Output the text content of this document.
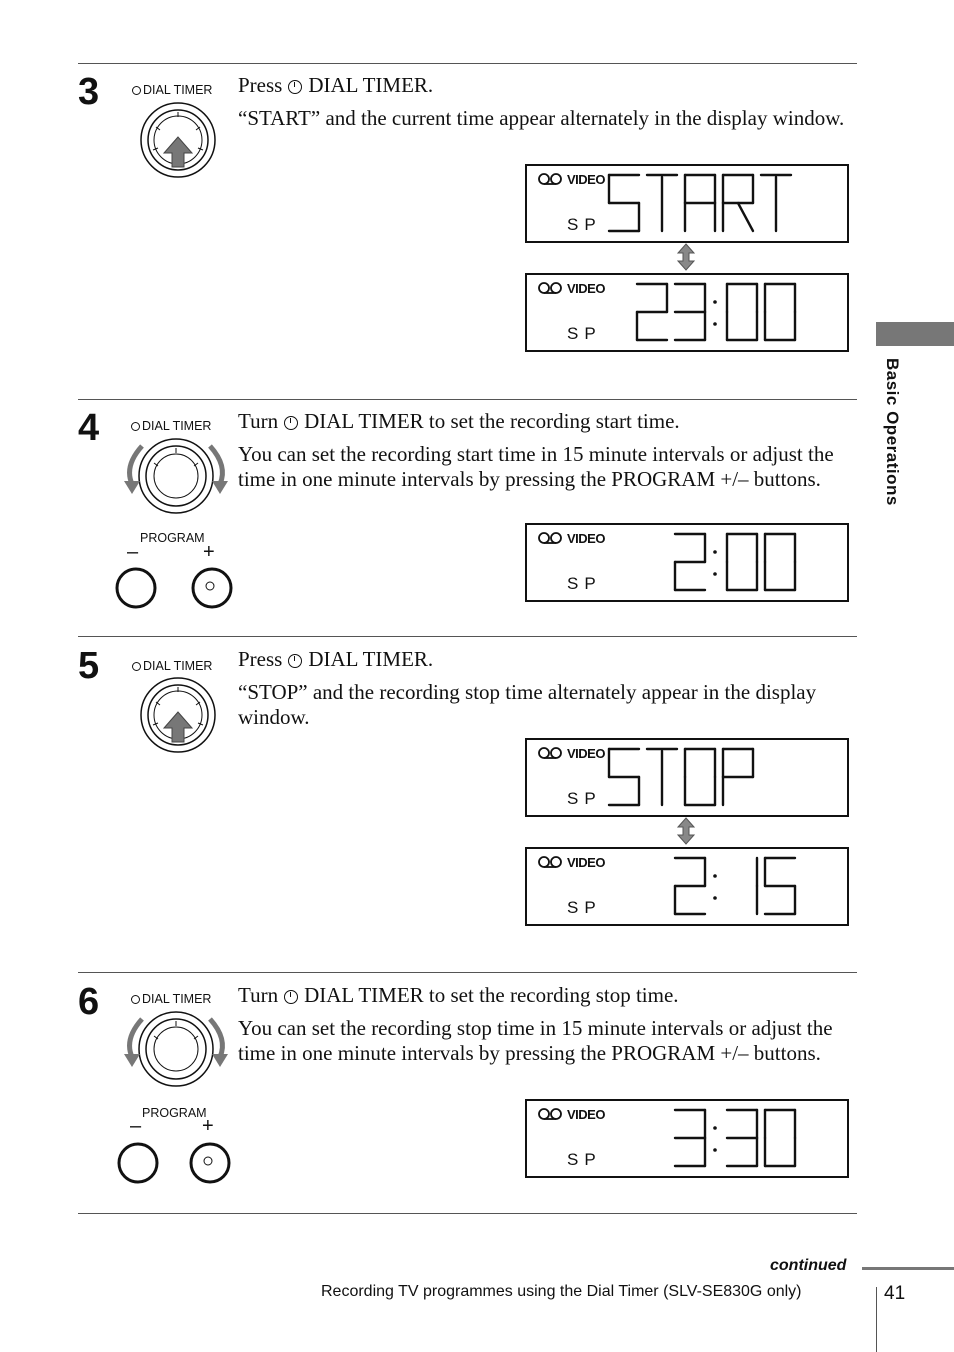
3	DIAL TIMER Press DIAL TIMER.

“START” and the current time appear alternately in the display window.

VIDEO
SP
VIDEO
SP
4	DIAL TIMER
PROGRAM
–	+

Turn DIAL TIMER to set the recording start time.

You can set the recording start time in 15 minute intervals or adjust the time in one minute intervals by pressing the PROGRAM +/– buttons.

VIDEO
SP
5	DIAL TIMER Press DIAL TIMER.

“STOP” and the recording stop time alternately appear in the display window.

VIDEO
SP
VIDEO
SP
6	DIAL TIMER
PROGRAM
–	+

Turn DIAL TIMER to set the recording stop time.

You can set the recording stop time in 15 minute intervals or adjust the time in one minute intervals by pressing the PROGRAM +/– buttons.

VIDEO
SP
Basic Operations
continued
Recording TV programmes using the Dial Timer (SLV-SE830G only)	41
